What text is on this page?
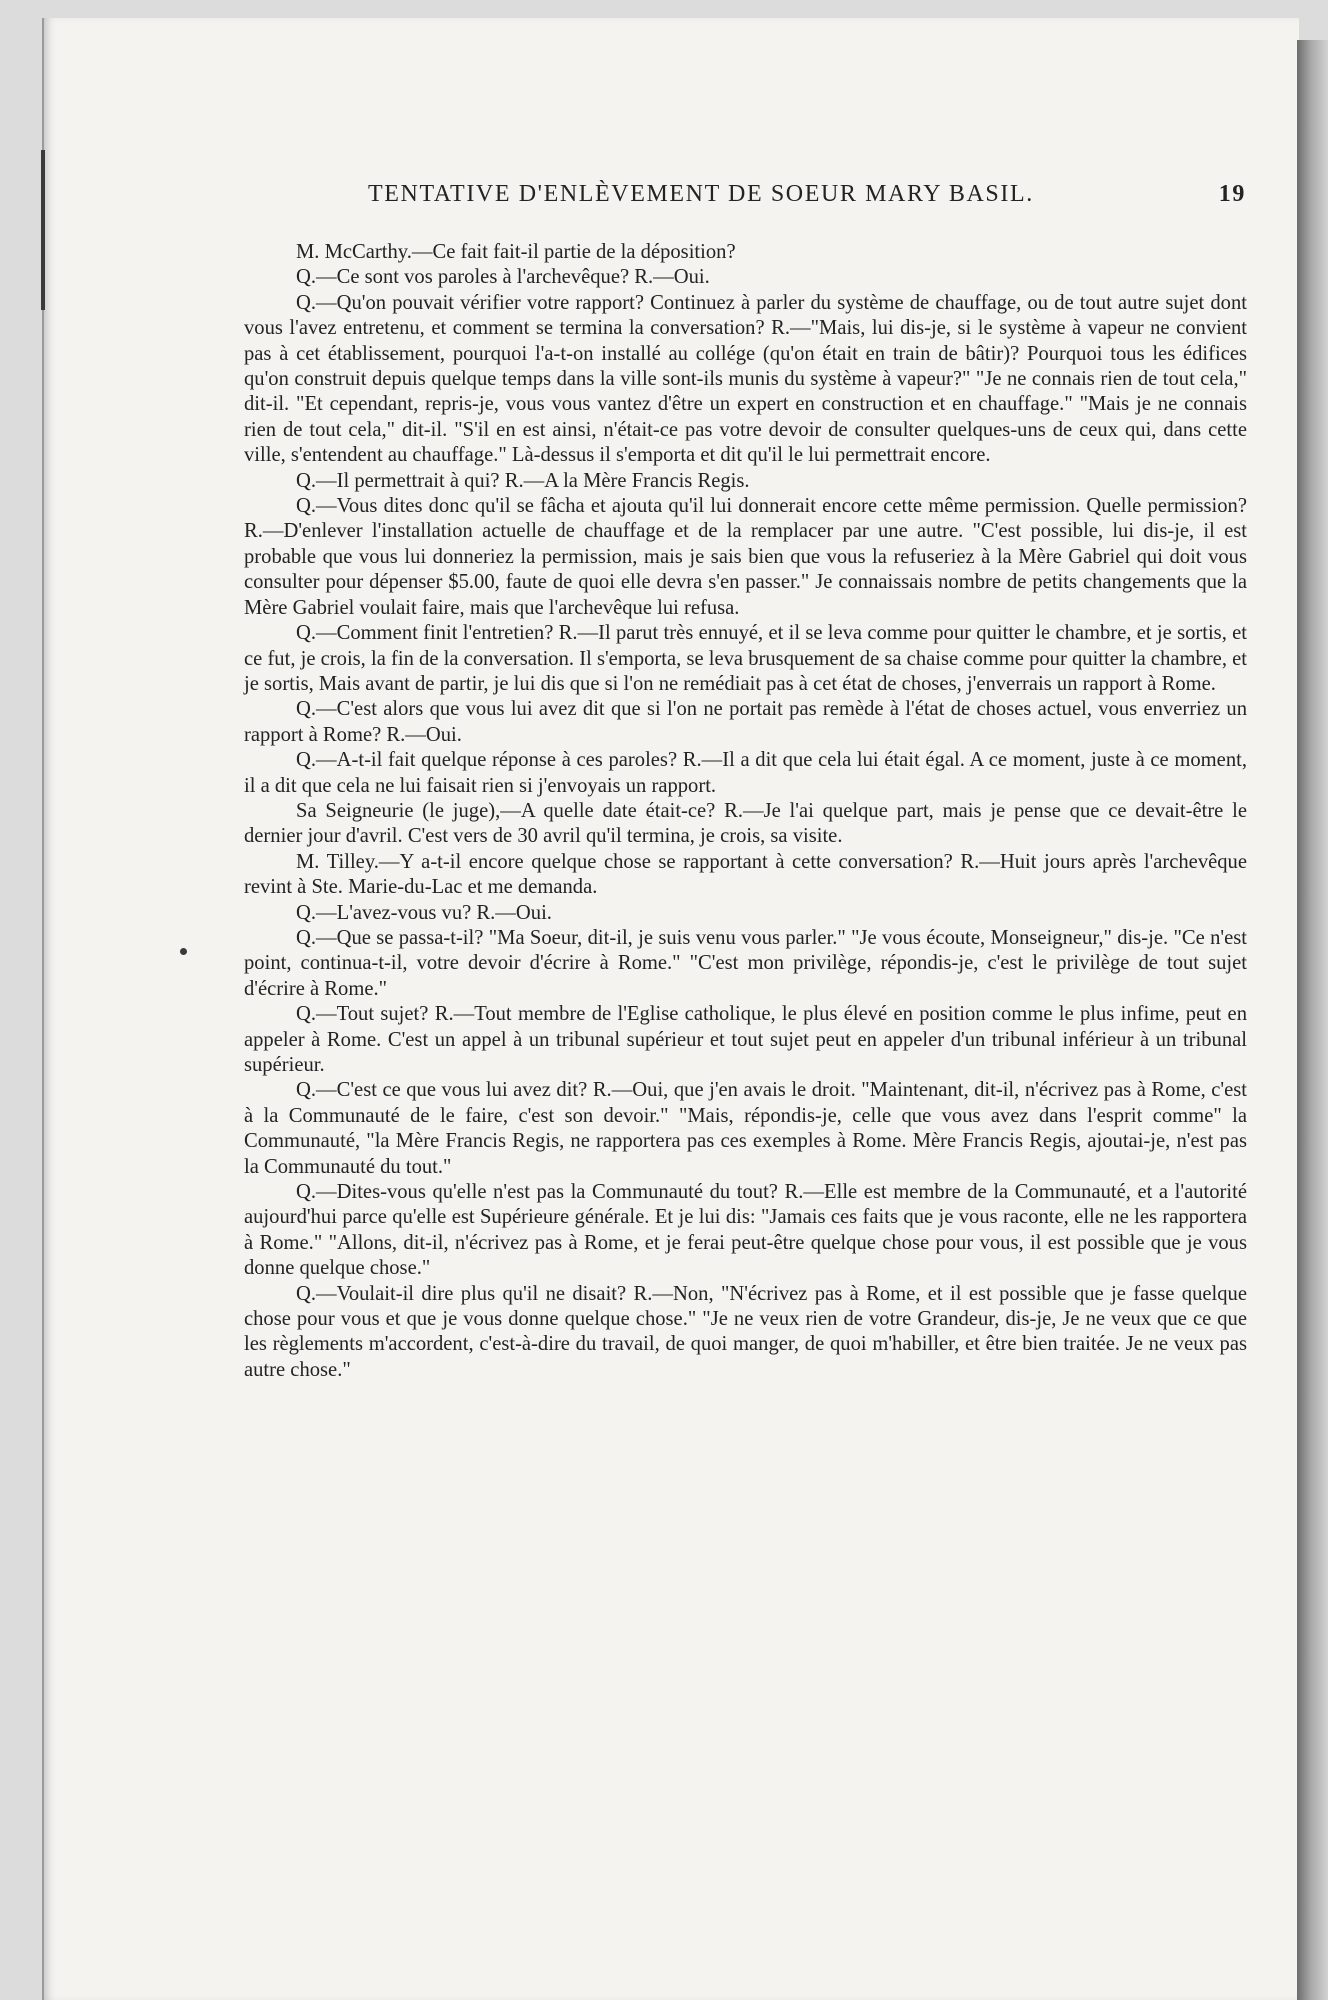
TENTATIVE D'ENLÈVEMENT DE SOEUR MARY BASIL.	19

M. McCarthy.—Ce fait fait-il partie de la déposition?

Q.—Ce sont vos paroles à l'archevêque? R.—Oui.

Q.—Qu'on pouvait vérifier votre rapport? Continuez à parler du système de chauffage, ou de tout autre sujet dont vous l'avez entretenu, et comment se termina la conversation? R.—"Mais, lui dis-je, si le système à vapeur ne convient pas à cet établissement, pourquoi l'a-t-on installé au collége (qu'on était en train de bâtir)? Pourquoi tous les édifices qu'on construit depuis quelque temps dans la ville sont-ils munis du système à vapeur?" "Je ne connais rien de tout cela," dit-il. "Et cependant, repris-je, vous vous vantez d'être un expert en construction et en chauffage." "Mais je ne connais rien de tout cela," dit-il. "S'il en est ainsi, n'était-ce pas votre devoir de consulter quelques-uns de ceux qui, dans cette ville, s'entendent au chauffage." Là-dessus il s'emporta et dit qu'il le lui permettrait encore.

Q.—Il permettrait à qui? R.—A la Mère Francis Regis.

Q.—Vous dites donc qu'il se fâcha et ajouta qu'il lui donnerait encore cette même permission. Quelle permission? R.—D'enlever l'installation actuelle de chauffage et de la remplacer par une autre. "C'est possible, lui dis-je, il est probable que vous lui donneriez la permission, mais je sais bien que vous la refuseriez à la Mère Gabriel qui doit vous consulter pour dépenser $5.00, faute de quoi elle devra s'en passer." Je connaissais nombre de petits changements que la Mère Gabriel voulait faire, mais que l'archevêque lui refusa.

Q.—Comment finit l'entretien? R.—Il parut très ennuyé, et il se leva comme pour quitter le chambre, et je sortis, et ce fut, je crois, la fin de la conversation. Il s'emporta, se leva brusquement de sa chaise comme pour quitter la chambre, et je sortis, Mais avant de partir, je lui dis que si l'on ne remédiait pas à cet état de choses, j'enverrais un rapport à Rome.

Q.—C'est alors que vous lui avez dit que si l'on ne portait pas remède à l'état de choses actuel, vous enverriez un rapport à Rome? R.—Oui.

Q.—A-t-il fait quelque réponse à ces paroles? R.—Il a dit que cela lui était égal. A ce moment, juste à ce moment, il a dit que cela ne lui faisait rien si j'envoyais un rapport.

Sa Seigneurie (le juge),—A quelle date était-ce? R.—Je l'ai quelque part, mais je pense que ce devait-être le dernier jour d'avril. C'est vers de 30 avril qu'il termina, je crois, sa visite.

M. Tilley.—Y a-t-il encore quelque chose se rapportant à cette conversation? R.—Huit jours après l'archevêque revint à Ste. Marie-du-Lac et me demanda.

Q.—L'avez-vous vu? R.—Oui.

Q.—Que se passa-t-il? "Ma Soeur, dit-il, je suis venu vous parler." "Je vous écoute, Monseigneur," dis-je. "Ce n'est point, continua-t-il, votre devoir d'écrire à Rome." "C'est mon privilège, répondis-je, c'est le privilège de tout sujet d'écrire à Rome."

Q.—Tout sujet? R.—Tout membre de l'Eglise catholique, le plus élevé en position comme le plus infime, peut en appeler à Rome. C'est un appel à un tribunal supérieur et tout sujet peut en appeler d'un tribunal inférieur à un tribunal supérieur.

Q.—C'est ce que vous lui avez dit? R.—Oui, que j'en avais le droit. "Maintenant, dit-il, n'écrivez pas à Rome, c'est à la Communauté de le faire, c'est son devoir." "Mais, répondis-je, celle que vous avez dans l'esprit comme" la Communauté, "la Mère Francis Regis, ne rapportera pas ces exemples à Rome. Mère Francis Regis, ajoutai-je, n'est pas la Communauté du tout."

Q.—Dites-vous qu'elle n'est pas la Communauté du tout? R.—Elle est membre de la Communauté, et a l'autorité aujourd'hui parce qu'elle est Supérieure générale. Et je lui dis: "Jamais ces faits que je vous raconte, elle ne les rapportera à Rome." "Allons, dit-il, n'écrivez pas à Rome, et je ferai peut-être quelque chose pour vous, il est possible que je vous donne quelque chose."

Q.—Voulait-il dire plus qu'il ne disait? R.—Non, "N'écrivez pas à Rome, et il est possible que je fasse quelque chose pour vous et que je vous donne quelque chose." "Je ne veux rien de votre Grandeur, dis-je, Je ne veux que ce que les règlements m'accordent, c'est-à-dire du travail, de quoi manger, de quoi m'habiller, et être bien traitée. Je ne veux pas autre chose."
